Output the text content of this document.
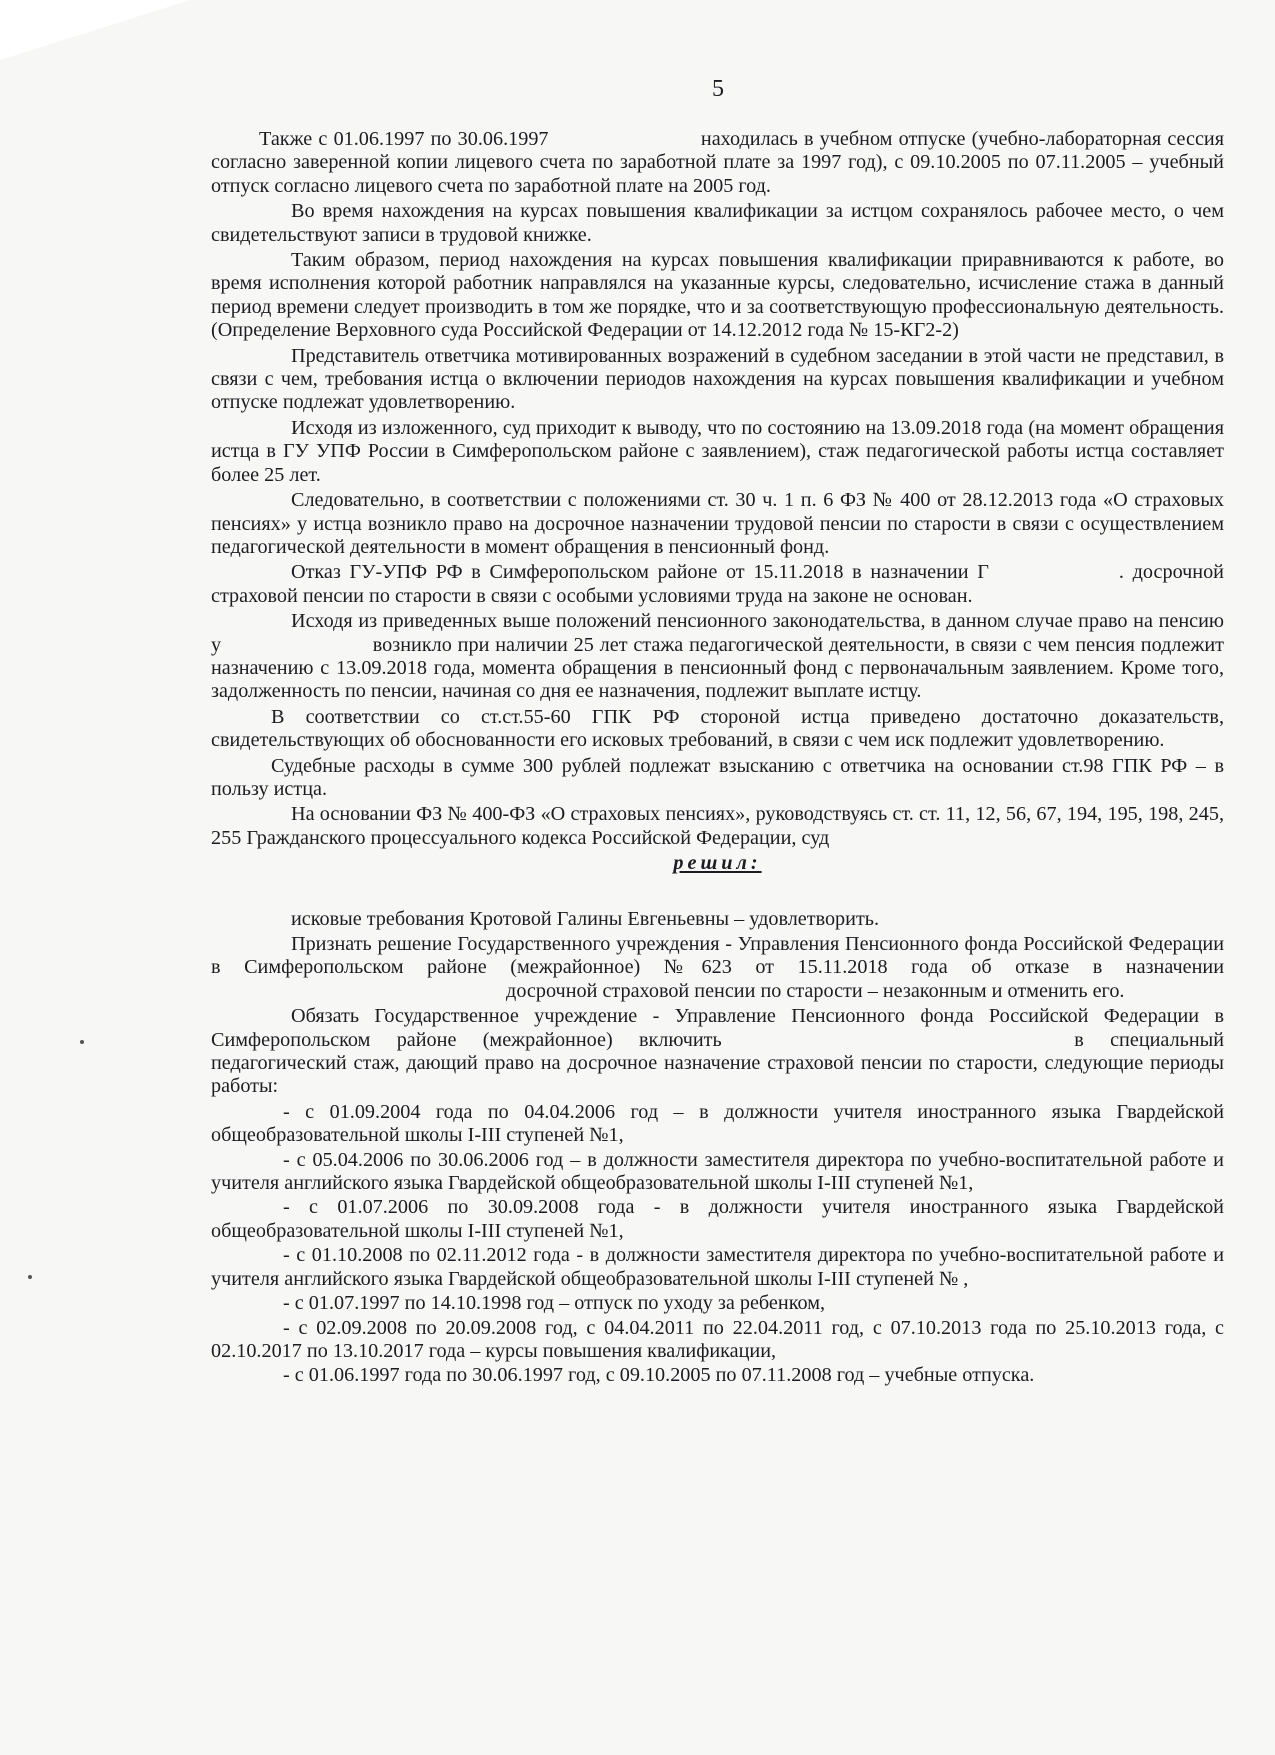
5

Также с 01.06.1997 по 30.06.1997	находилась в учебном отпуске (учебно-лабораторная сессия согласно заверенной копии лицевого счета по заработной плате за 1997 год), с 09.10.2005 по 07.11.2005 – учебный отпуск согласно лицевого счета по заработной плате на 2005 год.

Во время нахождения на курсах повышения квалификации за истцом сохранялось рабочее место, о чем свидетельствуют записи в трудовой книжке.

Таким образом, период нахождения на курсах повышения квалификации приравниваются к работе, во время исполнения которой работник направлялся на указанные курсы, следовательно, исчисление стажа в данный период времени следует производить в том же порядке, что и за соответствующую профессиональную деятельность. (Определение Верховного суда Российской Федерации от 14.12.2012 года № 15-КГ2-2)

Представитель ответчика мотивированных возражений в судебном заседании в этой части не представил, в связи с чем, требования истца о включении периодов нахождения на курсах повышения квалификации и учебном отпуске подлежат удовлетворению.

Исходя из изложенного, суд приходит к выводу, что по состоянию на 13.09.2018 года (на момент обращения истца в ГУ УПФ России в Симферопольском районе с заявлением), стаж педагогической работы истца составляет более 25 лет.

Следовательно, в соответствии с положениями ст. 30 ч. 1 п. 6 ФЗ № 400 от 28.12.2013 года «О страховых пенсиях» у истца возникло право на досрочное назначении трудовой пенсии по старости в связи с осуществлением педагогической деятельности в момент обращения в пенсионный фонд.

Отказ ГУ-УПФ РФ в Симферопольском районе от 15.11.2018 в назначении Г	. досрочной страховой пенсии по старости в связи с особыми условиями труда на законе не основан.

Исходя из приведенных выше положений пенсионного законодательства, в данном случае право на пенсию у	возникло при наличии 25 лет стажа педагогической деятельности, в связи с чем пенсия подлежит назначению с 13.09.2018 года, момента обращения в пенсионный фонд с первоначальным заявлением. Кроме того, задолженность по пенсии, начиная со дня ее назначения, подлежит выплате истцу.

В соответствии со ст.ст.55-60 ГПК РФ стороной истца приведено достаточно доказательств, свидетельствующих об обоснованности его исковых требований, в связи с чем иск подлежит удовлетворению.

Судебные расходы в сумме 300 рублей подлежат взысканию с ответчика на основании ст.98 ГПК РФ – в пользу истца.

На основании ФЗ № 400-ФЗ «О страховых пенсиях», руководствуясь ст. ст. 11, 12, 56, 67, 194, 195, 198, 245, 255 Гражданского процессуального кодекса Российской Федерации, суд

решил:

исковые требования Кротовой Галины Евгеньевны – удовлетворить.

Признать решение Государственного учреждения - Управления Пенсионного фонда Российской Федерации в Симферопольском районе (межрайонное) №623 от 15.11.2018 года об отказе в назначении  досрочной страховой пенсии по старости – незаконным и отменить его.

Обязать Государственное учреждение - Управление Пенсионного фонда Российской Федерации в Симферопольском районе (межрайонное) включить	в специальный педагогический стаж, дающий право на досрочное назначение страховой пенсии по старости, следующие периоды работы:

- с 01.09.2004 года по 04.04.2006 год – в должности учителя иностранного языка Гвардейской общеобразовательной школы I-III ступеней №1,

- с 05.04.2006 по 30.06.2006 год – в должности заместителя директора по учебно-воспитательной работе и учителя английского языка Гвардейской общеобразовательной школы I-III ступеней №1,

- с 01.07.2006 по 30.09.2008 года - в должности учителя иностранного языка Гвардейской общеобразовательной школы I-III ступеней №1,

- с 01.10.2008 по 02.11.2012 года - в должности заместителя директора по учебно-воспитательной работе и учителя английского языка Гвардейской общеобразовательной школы I-III ступеней № ,

- с 01.07.1997 по 14.10.1998 год – отпуск по уходу за ребенком,

- с 02.09.2008 по 20.09.2008 год, с 04.04.2011 по 22.04.2011 год, с 07.10.2013 года по 25.10.2013 года, с 02.10.2017 по 13.10.2017 года – курсы повышения квалификации,

- с 01.06.1997 года по 30.06.1997 год, с 09.10.2005 по 07.11.2008 год – учебные отпуска.
